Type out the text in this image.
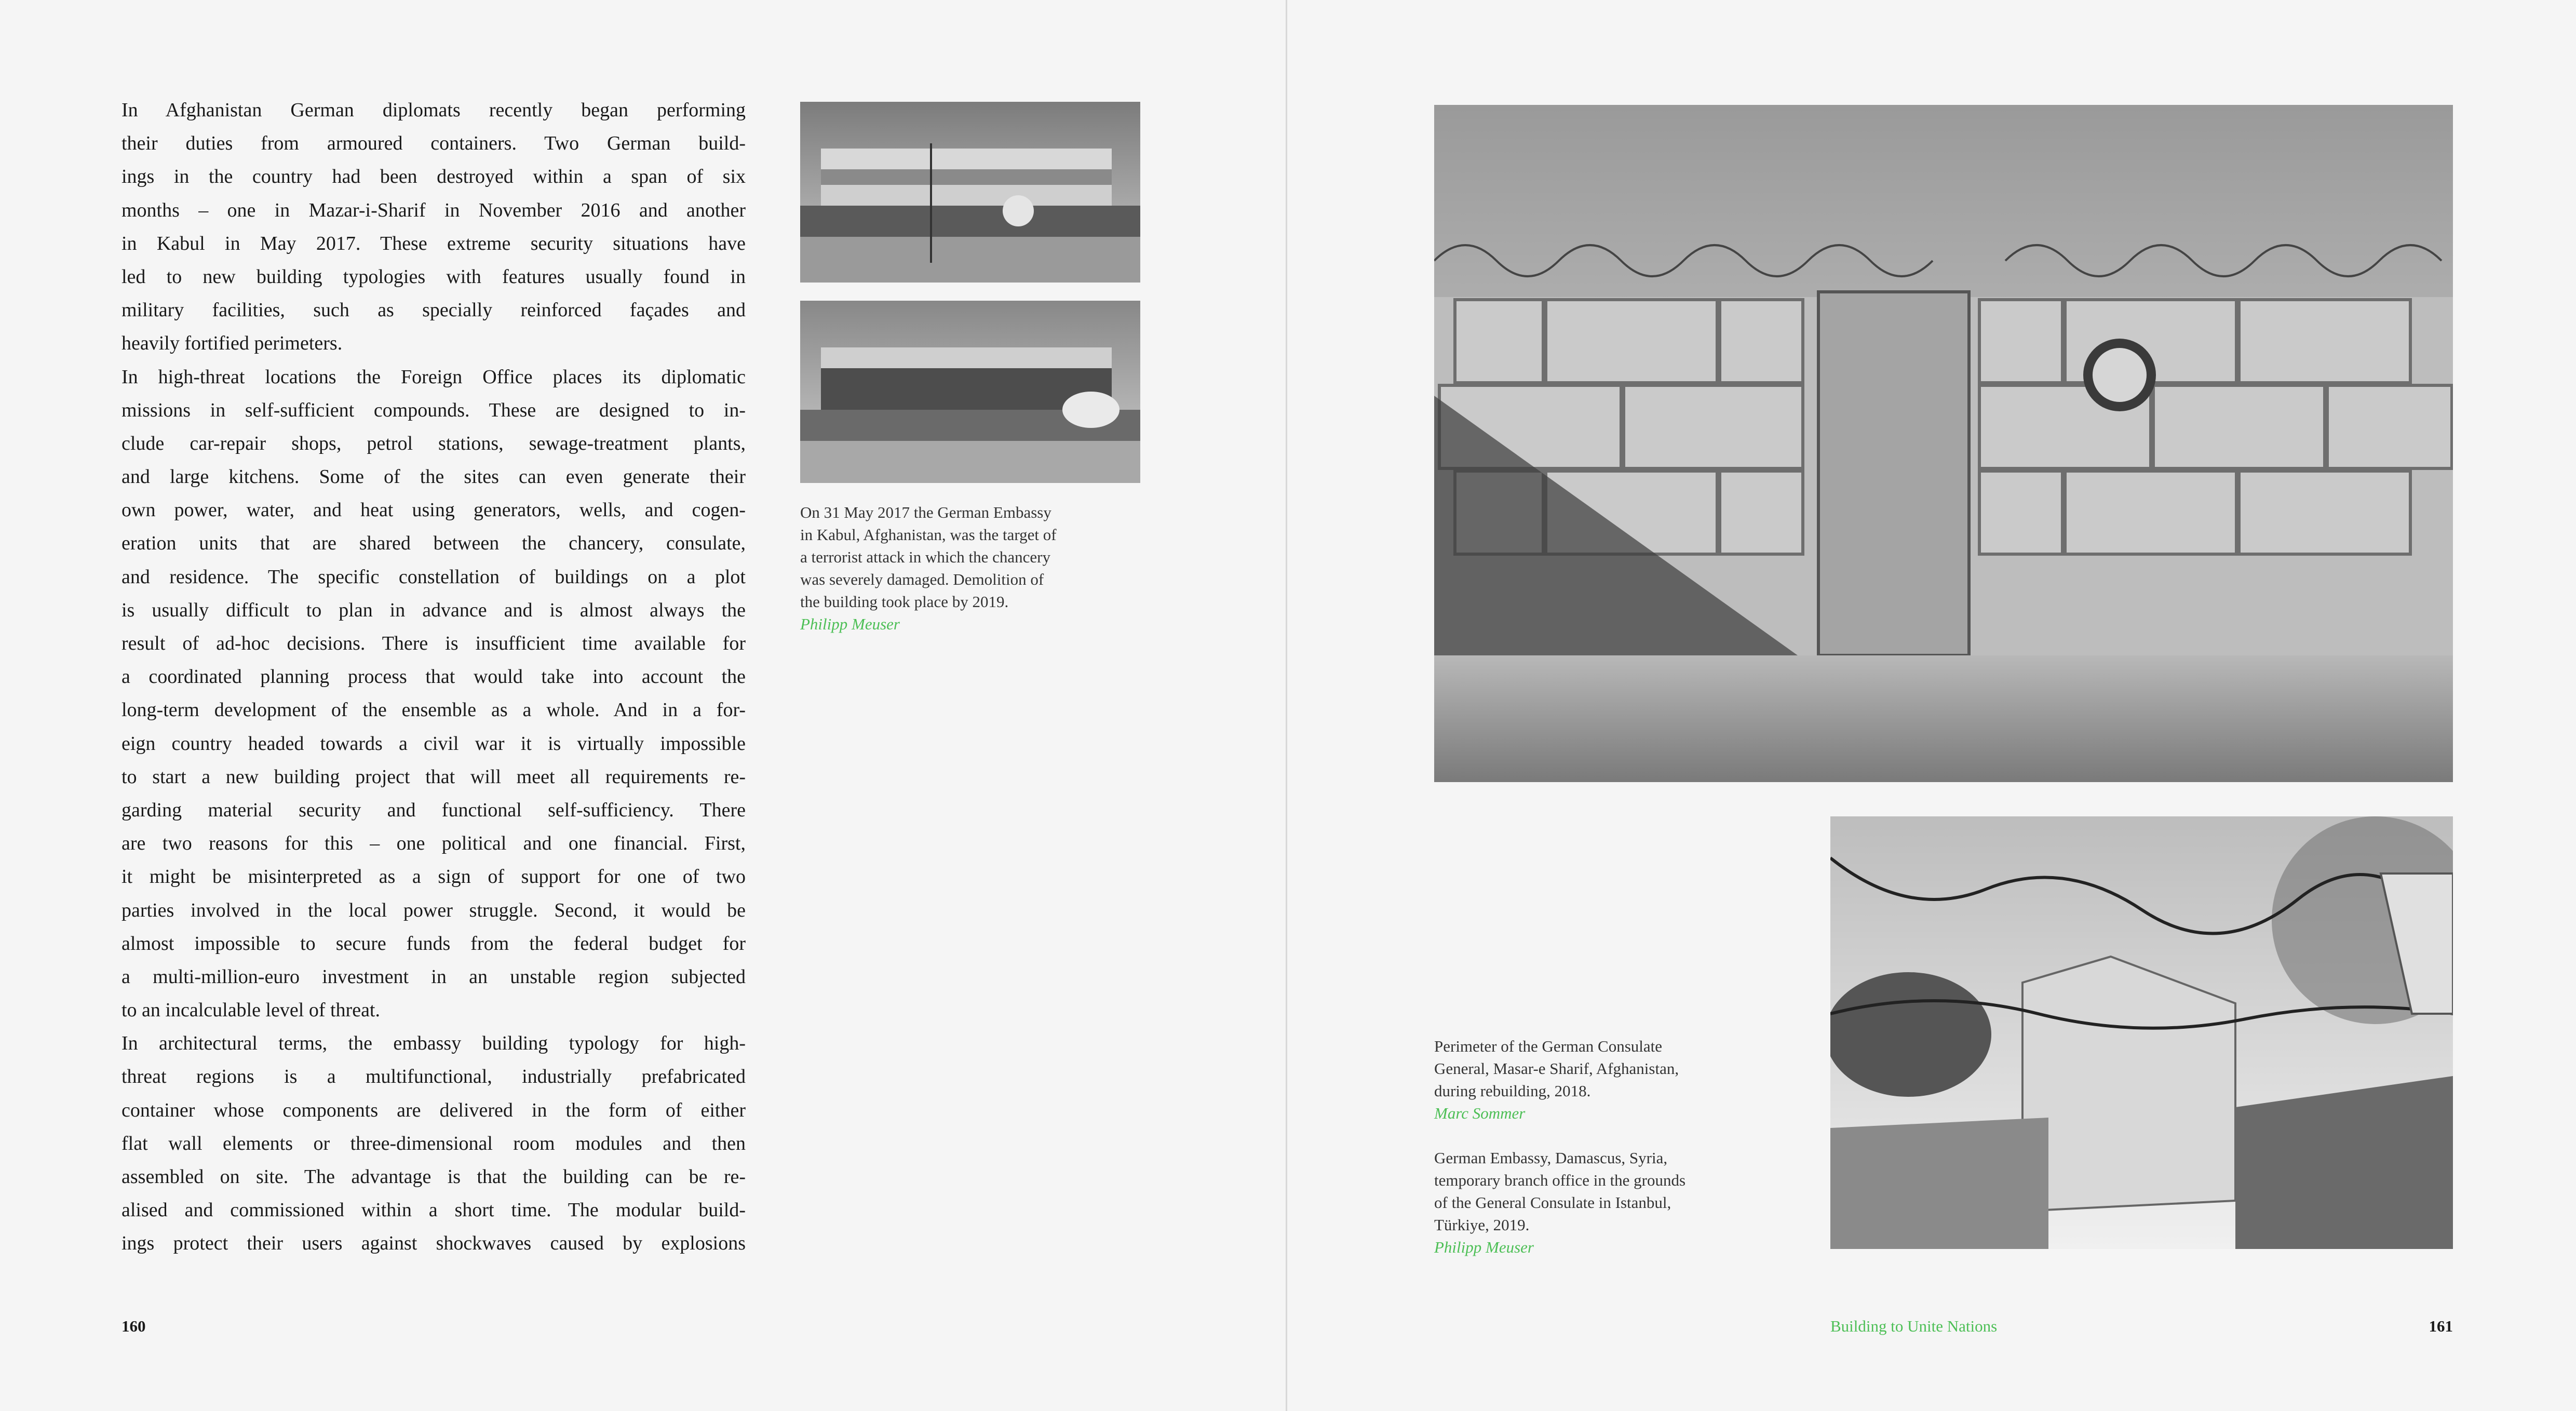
In Afghanistan German diplomats recently began performing
their duties from armoured containers. Two German build-
ings in the country had been destroyed within a span of six
months – one in Mazar-i-Sharif in November 2016 and another
in Kabul in May 2017. These extreme security situations have
led to new building typologies with features usually found in
military facilities, such as specially reinforced façades and
heavily fortified perimeters.
In high-threat locations the Foreign Office places its diplomatic
missions in self-sufficient compounds. These are designed to in-
clude car-repair shops, petrol stations, sewage-treatment plants,
and large kitchens. Some of the sites can even generate their
own power, water, and heat using generators, wells, and cogen-
eration units that are shared between the chancery, consulate,
and residence. The specific constellation of buildings on a plot
is usually difficult to plan in advance and is almost always the
result of ad-hoc decisions. There is insufficient time available for
a coordinated planning process that would take into account the
long-term development of the ensemble as a whole. And in a for-
eign country headed towards a civil war it is virtually impossible
to start a new building project that will meet all requirements re-
garding material security and functional self-sufficiency. There
are two reasons for this – one political and one financial. First,
it might be misinterpreted as a sign of support for one of two
parties involved in the local power struggle. Second, it would be
almost impossible to secure funds from the federal budget for
a multi-million-euro investment in an unstable region subjected
to an incalculable level of threat.
In architectural terms, the embassy building typology for high-
threat regions is a multifunctional, industrially prefabricated
container whose components are delivered in the form of either
flat wall elements or three-dimensional room modules and then
assembled on site. The advantage is that the building can be re-
alised and commissioned within a short time. The modular build-
ings protect their users against shockwaves caused by explosions
On 31 May 2017 the German Embassy
in Kabul, Afghanistan, was the target of
a terrorist attack in which the chancery
was severely damaged. Demolition of
the building took place by 2019.
Philipp Meuser
Perimeter of the German Consulate
General, Masar-e Sharif, Afghanistan,
during rebuilding, 2018.
Marc Sommer
German Embassy, Damascus, Syria,
temporary branch office in the grounds
of the General Consulate in Istanbul,
Türkiye, 2019.
Philipp Meuser
160	Building to Unite Nations	161
